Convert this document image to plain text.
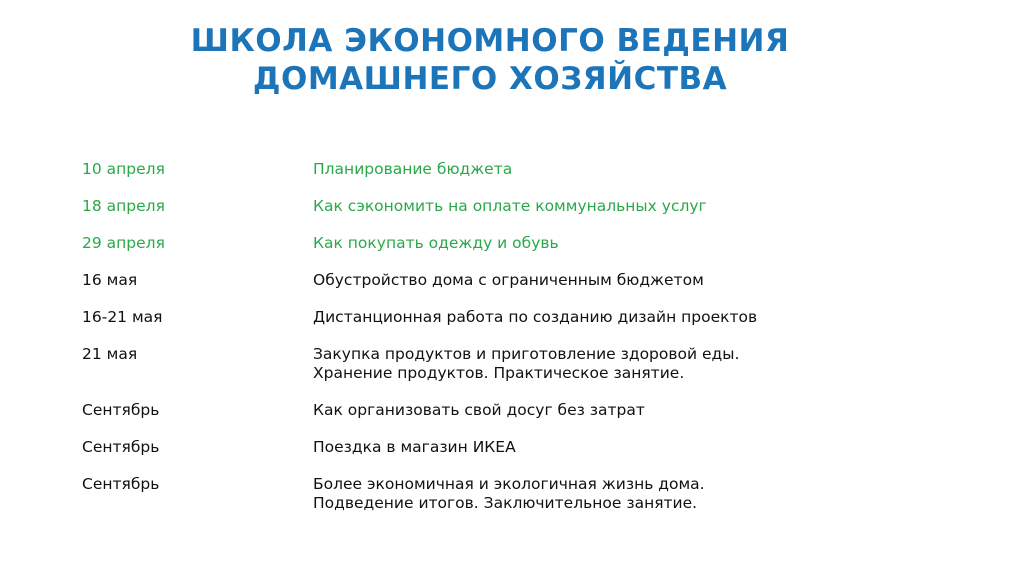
ШКОЛА ЭКОНОМНОГО ВЕДЕНИЯ
ДОМАШНЕГО ХОЗЯЙСТВА
10 апреля	Планирование бюджета
18 апреля	Как сэкономить на оплате коммунальных услуг
29 апреля	Как покупать одежду и обувь
16 мая	Обустройство дома с ограниченным бюджетом
16-21 мая	Дистанционная работа по созданию дизайн проектов
21 мая	Закупка продуктов и приготовление здоровой еды.
Хранение продуктов. Практическое занятие.
Сентябрь	Как организовать свой досуг без затрат
Сентябрь	Поездка в магазин ИКЕА
Сентябрь	Более экономичная и экологичная жизнь дома.
Подведение итогов. Заключительное занятие.
